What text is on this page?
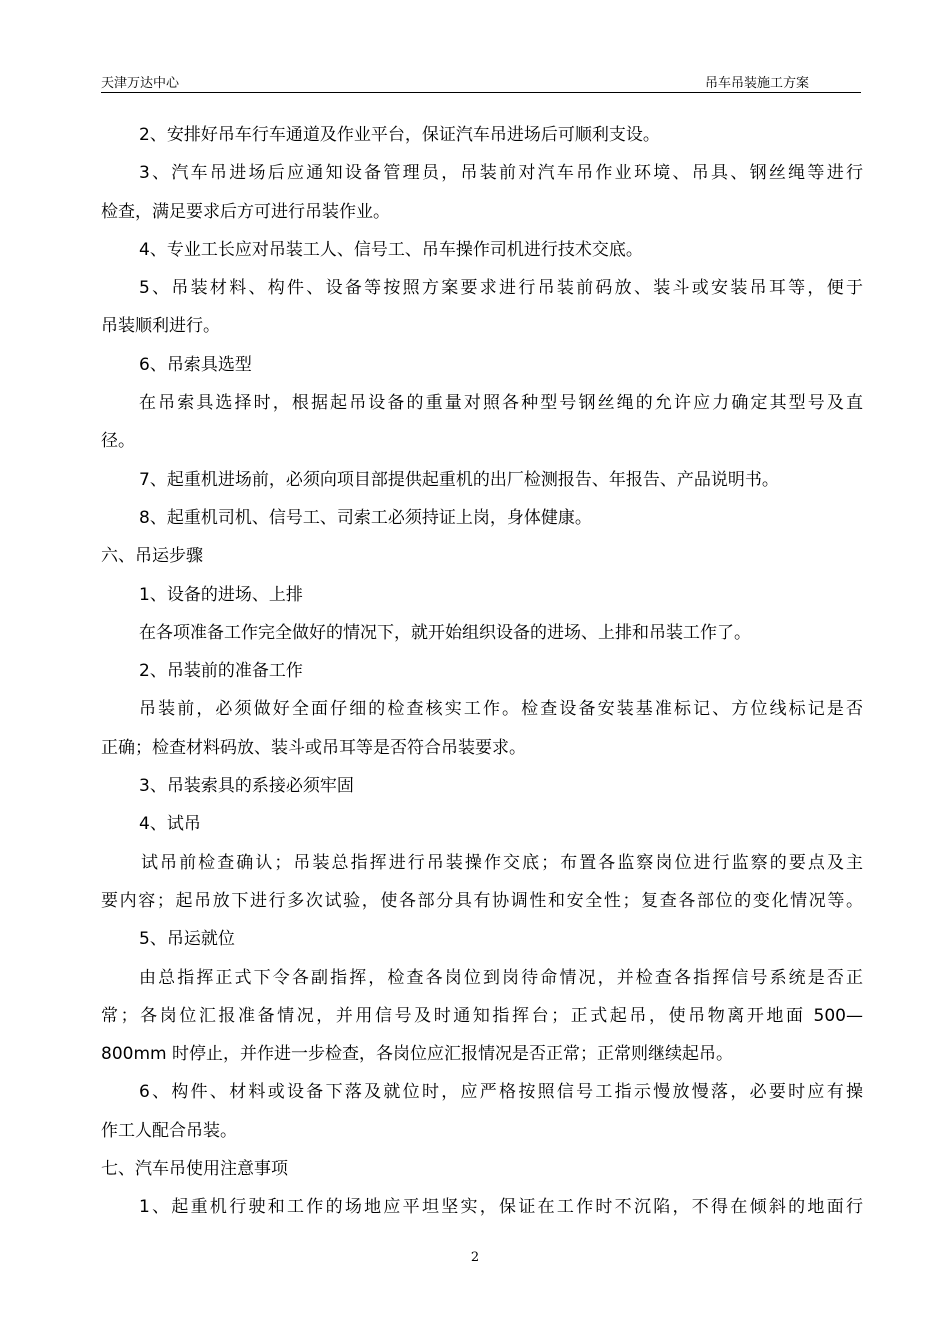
天津万达中心	吊车吊装施工方案

2、安排好吊车行车通道及作业平台，保证汽车吊进场后可顺利支设。

3、汽车吊进场后应通知设备管理员，吊装前对汽车吊作业环境、吊具、钢丝绳等进行

检查，满足要求后方可进行吊装作业。

4、专业工长应对吊装工人、信号工、吊车操作司机进行技术交底。

5、吊装材料、构件、设备等按照方案要求进行吊装前码放、装斗或安装吊耳等，便于

吊装顺利进行。

6、吊索具选型

在吊索具选择时，根据起吊设备的重量对照各种型号钢丝绳的允许应力确定其型号及直

径。

7、起重机进场前，必须向项目部提供起重机的出厂检测报告、年报告、产品说明书。

8、起重机司机、信号工、司索工必须持证上岗，身体健康。

六、吊运步骤

1、设备的进场、上排

在各项准备工作完全做好的情况下，就开始组织设备的进场、上排和吊装工作了。

2、吊装前的准备工作

吊装前，必须做好全面仔细的检查核实工作。检查设备安装基准标记、方位线标记是否

正确；检查材料码放、装斗或吊耳等是否符合吊装要求。

3、吊装索具的系接必须牢固

4、试吊

试吊前检查确认；吊装总指挥进行吊装操作交底；布置各监察岗位进行监察的要点及主

要内容；起吊放下进行多次试验，使各部分具有协调性和安全性；复查各部位的变化情况等。

5、吊运就位

由总指挥正式下令各副指挥，检查各岗位到岗待命情况，并检查各指挥信号系统是否正

常；各岗位汇报准备情况，并用信号及时通知指挥台；正式起吊，使吊物离开地面 500—

800mm 时停止，并作进一步检查，各岗位应汇报情况是否正常；正常则继续起吊。

6、构件、材料或设备下落及就位时，应严格按照信号工指示慢放慢落，必要时应有操

作工人配合吊装。

七、汽车吊使用注意事项

1、起重机行驶和工作的场地应平坦坚实，保证在工作时不沉陷，不得在倾斜的地面行

2
